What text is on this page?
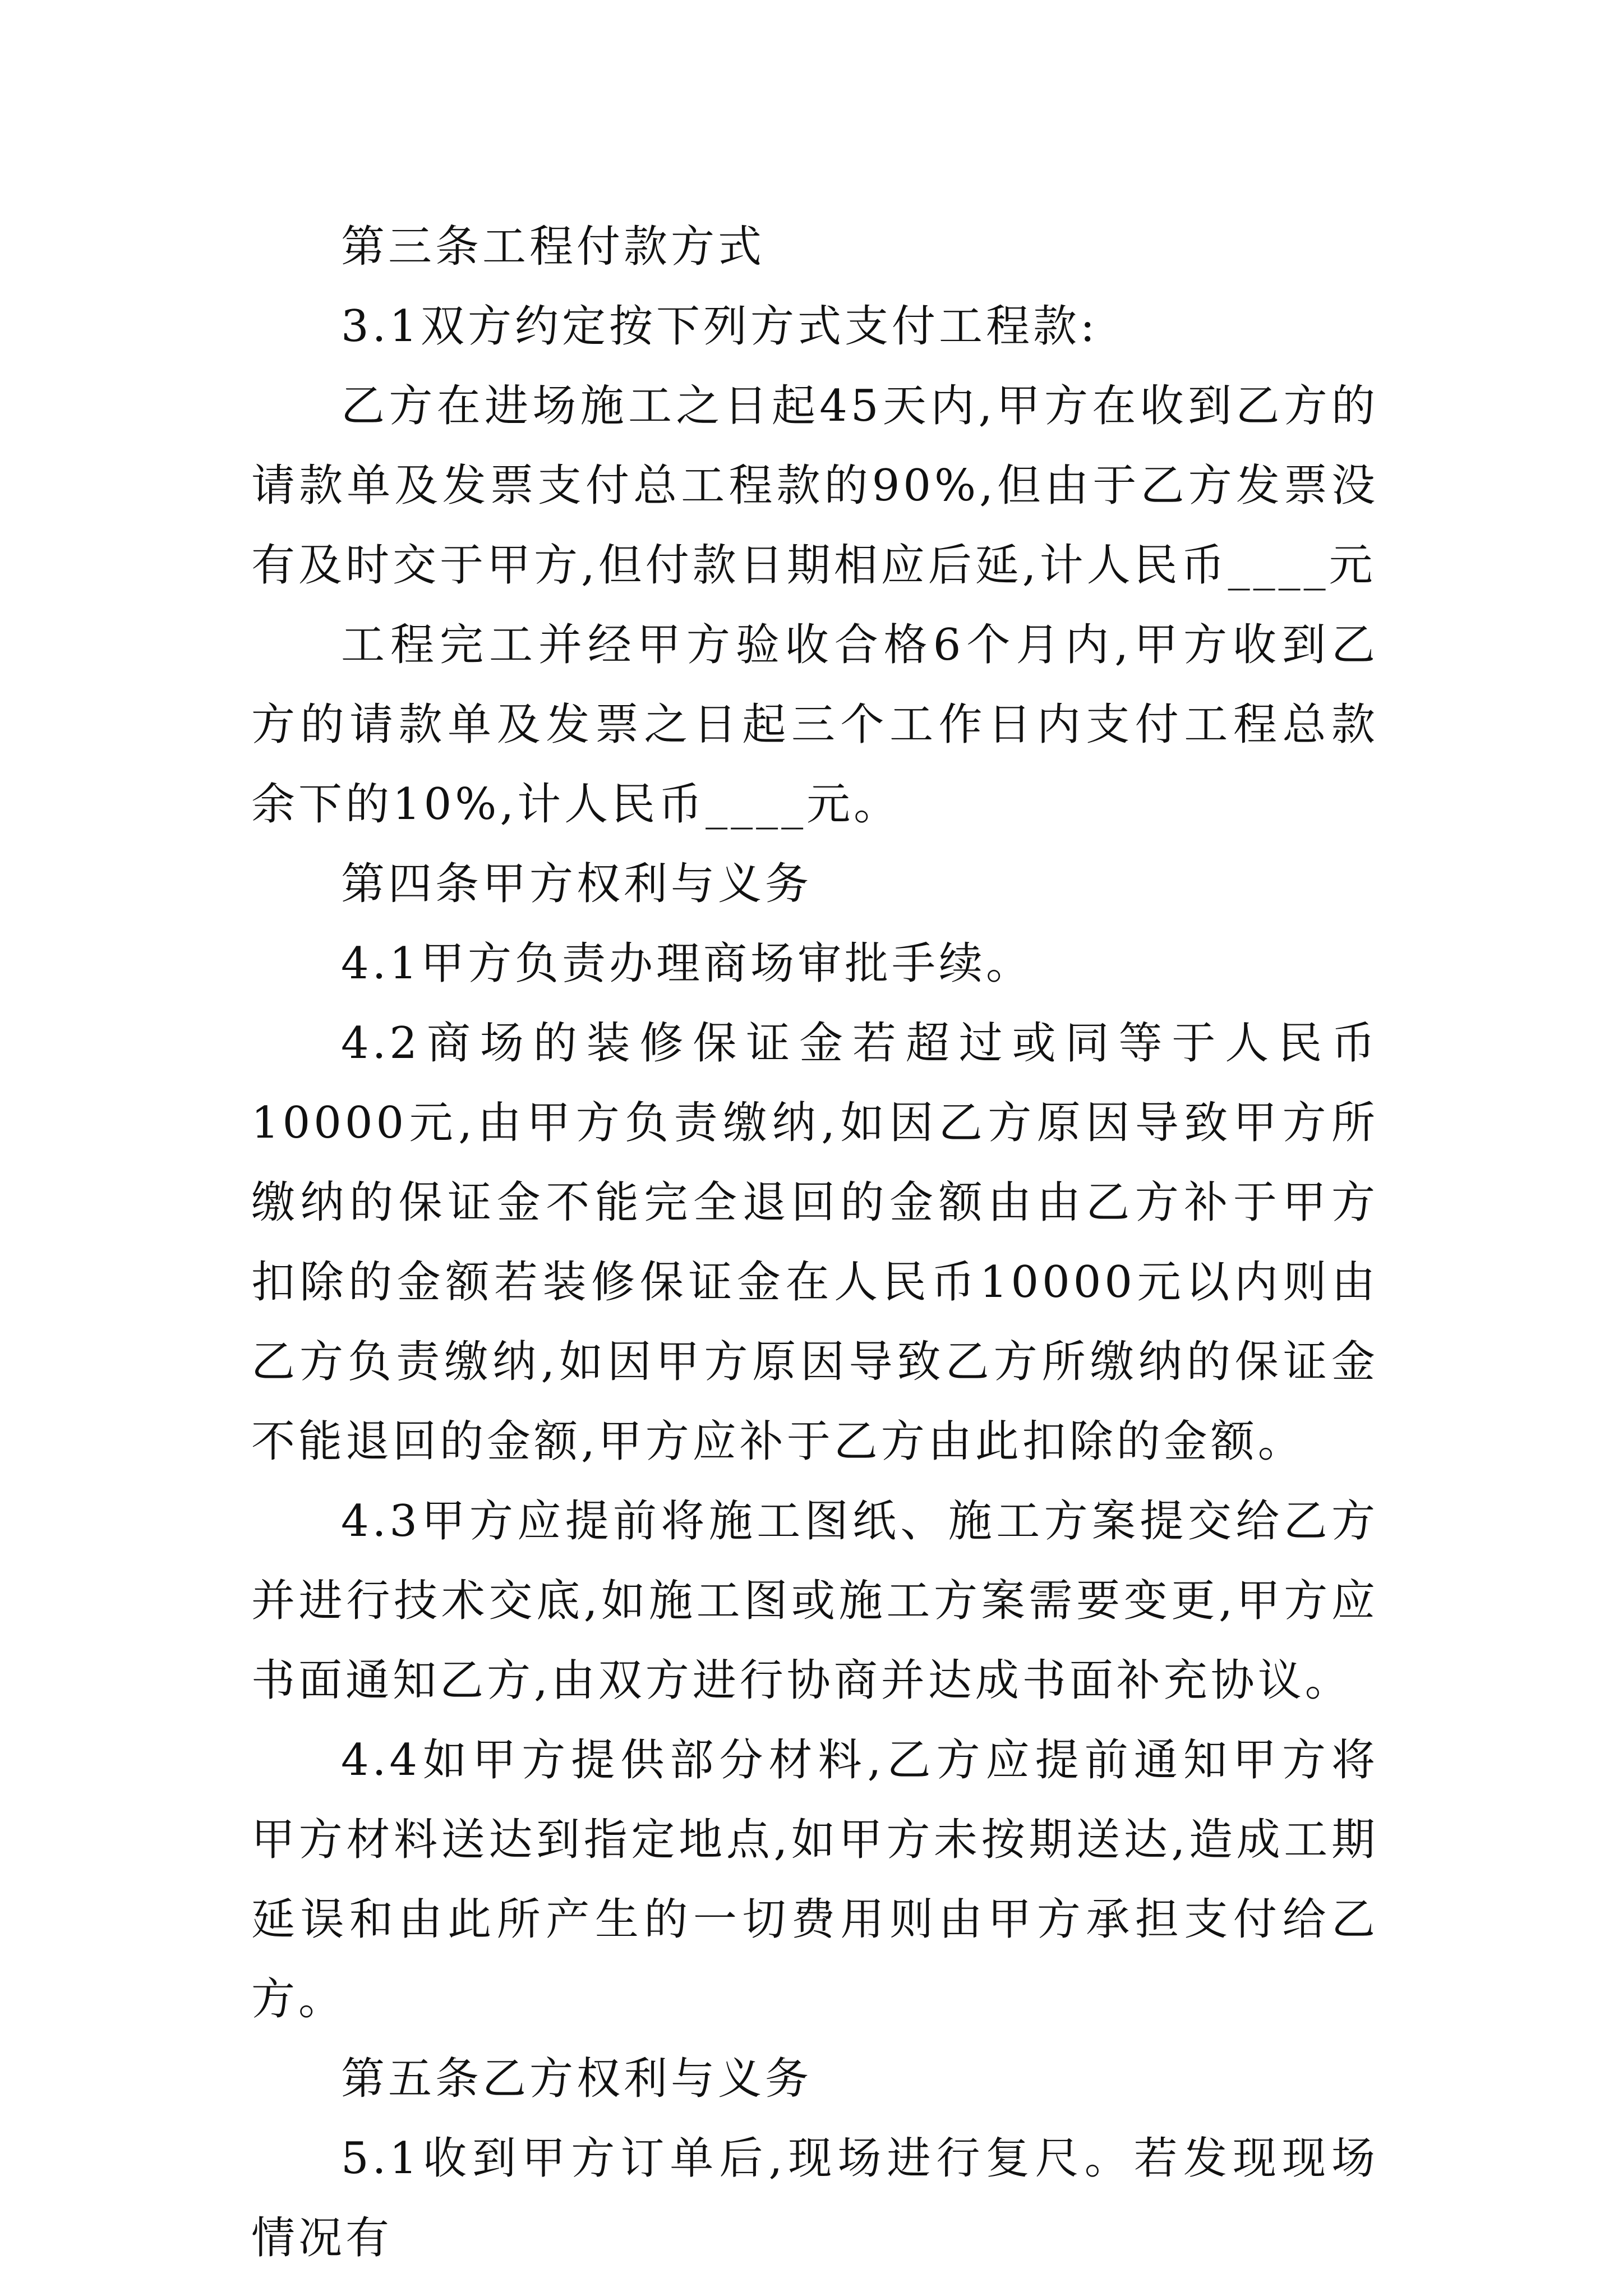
第三条工程付款方式

3.1双方约定按下列方式支付工程款:

乙方在进场施工之日起45天内,甲方在收到乙方的请款单及发票支付总工程款的90%,但由于乙方发票没有及时交于甲方,但付款日期相应后延,计人民币____元

工程完工并经甲方验收合格6个月内,甲方收到乙方的请款单及发票之日起三个工作日内支付工程总款余下的10%,计人民币____元。

第四条甲方权利与义务

4.1甲方负责办理商场审批手续。

4.2商场的装修保证金若超过或同等于人民币10000元,由甲方负责缴纳,如因乙方原因导致甲方所缴纳的保证金不能完全退回的金额由由乙方补于甲方扣除的金额若装修保证金在人民币10000元以内则由乙方负责缴纳,如因甲方原因导致乙方所缴纳的保证金不能退回的金额,甲方应补于乙方由此扣除的金额。

4.3甲方应提前将施工图纸、施工方案提交给乙方并进行技术交底,如施工图或施工方案需要变更,甲方应书面通知乙方,由双方进行协商并达成书面补充协议。

4.4如甲方提供部分材料,乙方应提前通知甲方将甲方材料送达到指定地点,如甲方未按期送达,造成工期延误和由此所产生的一切费用则由甲方承担支付给乙方。

第五条乙方权利与义务

5.1收到甲方订单后,现场进行复尺。若发现现场情况有
